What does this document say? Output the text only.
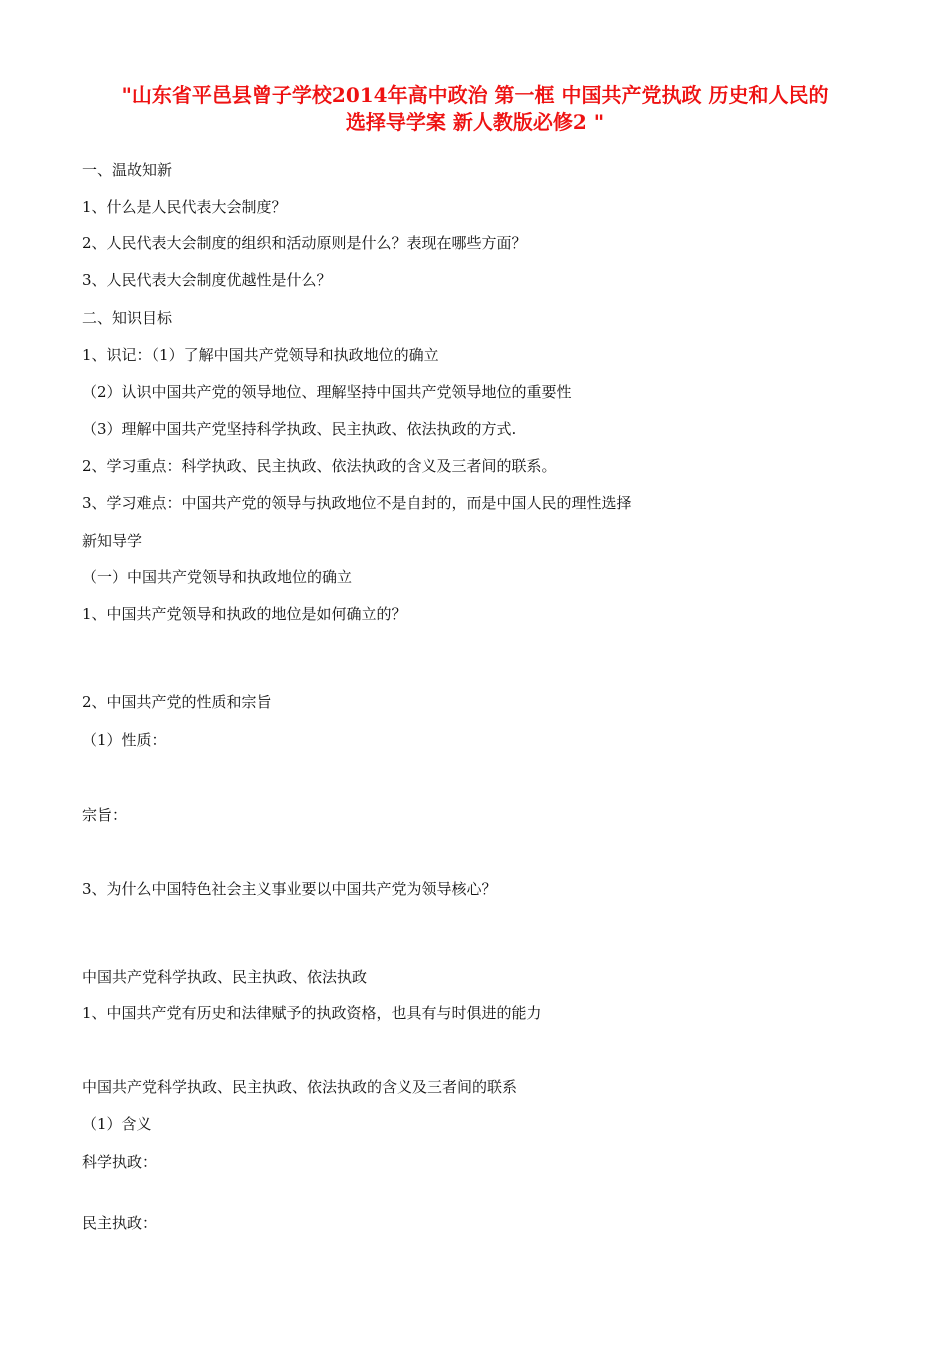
"山东省平邑县曾子学校2014年高中政治 第一框 中国共产党执政 历史和人民的
选择导学案 新人教版必修2 "
一、温故知新
1、什么是人民代表大会制度？
2、人民代表大会制度的组织和活动原则是什么？表现在哪些方面？
3、人民代表大会制度优越性是什么？
二、知识目标
1、识记：（1）了解中国共产党领导和执政地位的确立
（2）认识中国共产党的领导地位、理解坚持中国共产党领导地位的重要性
（3）理解中国共产党坚持科学执政、民主执政、依法执政的方式.
2、学习重点：科学执政、民主执政、依法执政的含义及三者间的联系。
3、学习难点：中国共产党的领导与执政地位不是自封的，而是中国人民的理性选择
新知导学
（一）中国共产党领导和执政地位的确立
1、中国共产党领导和执政的地位是如何确立的？
2、中国共产党的性质和宗旨
（1）性质：
宗旨：
3、为什么中国特色社会主义事业要以中国共产党为领导核心？
中国共产党科学执政、民主执政、依法执政
1、中国共产党有历史和法律赋予的执政资格，也具有与时俱进的能力
中国共产党科学执政、民主执政、依法执政的含义及三者间的联系
（1）含义
科学执政：
民主执政：
